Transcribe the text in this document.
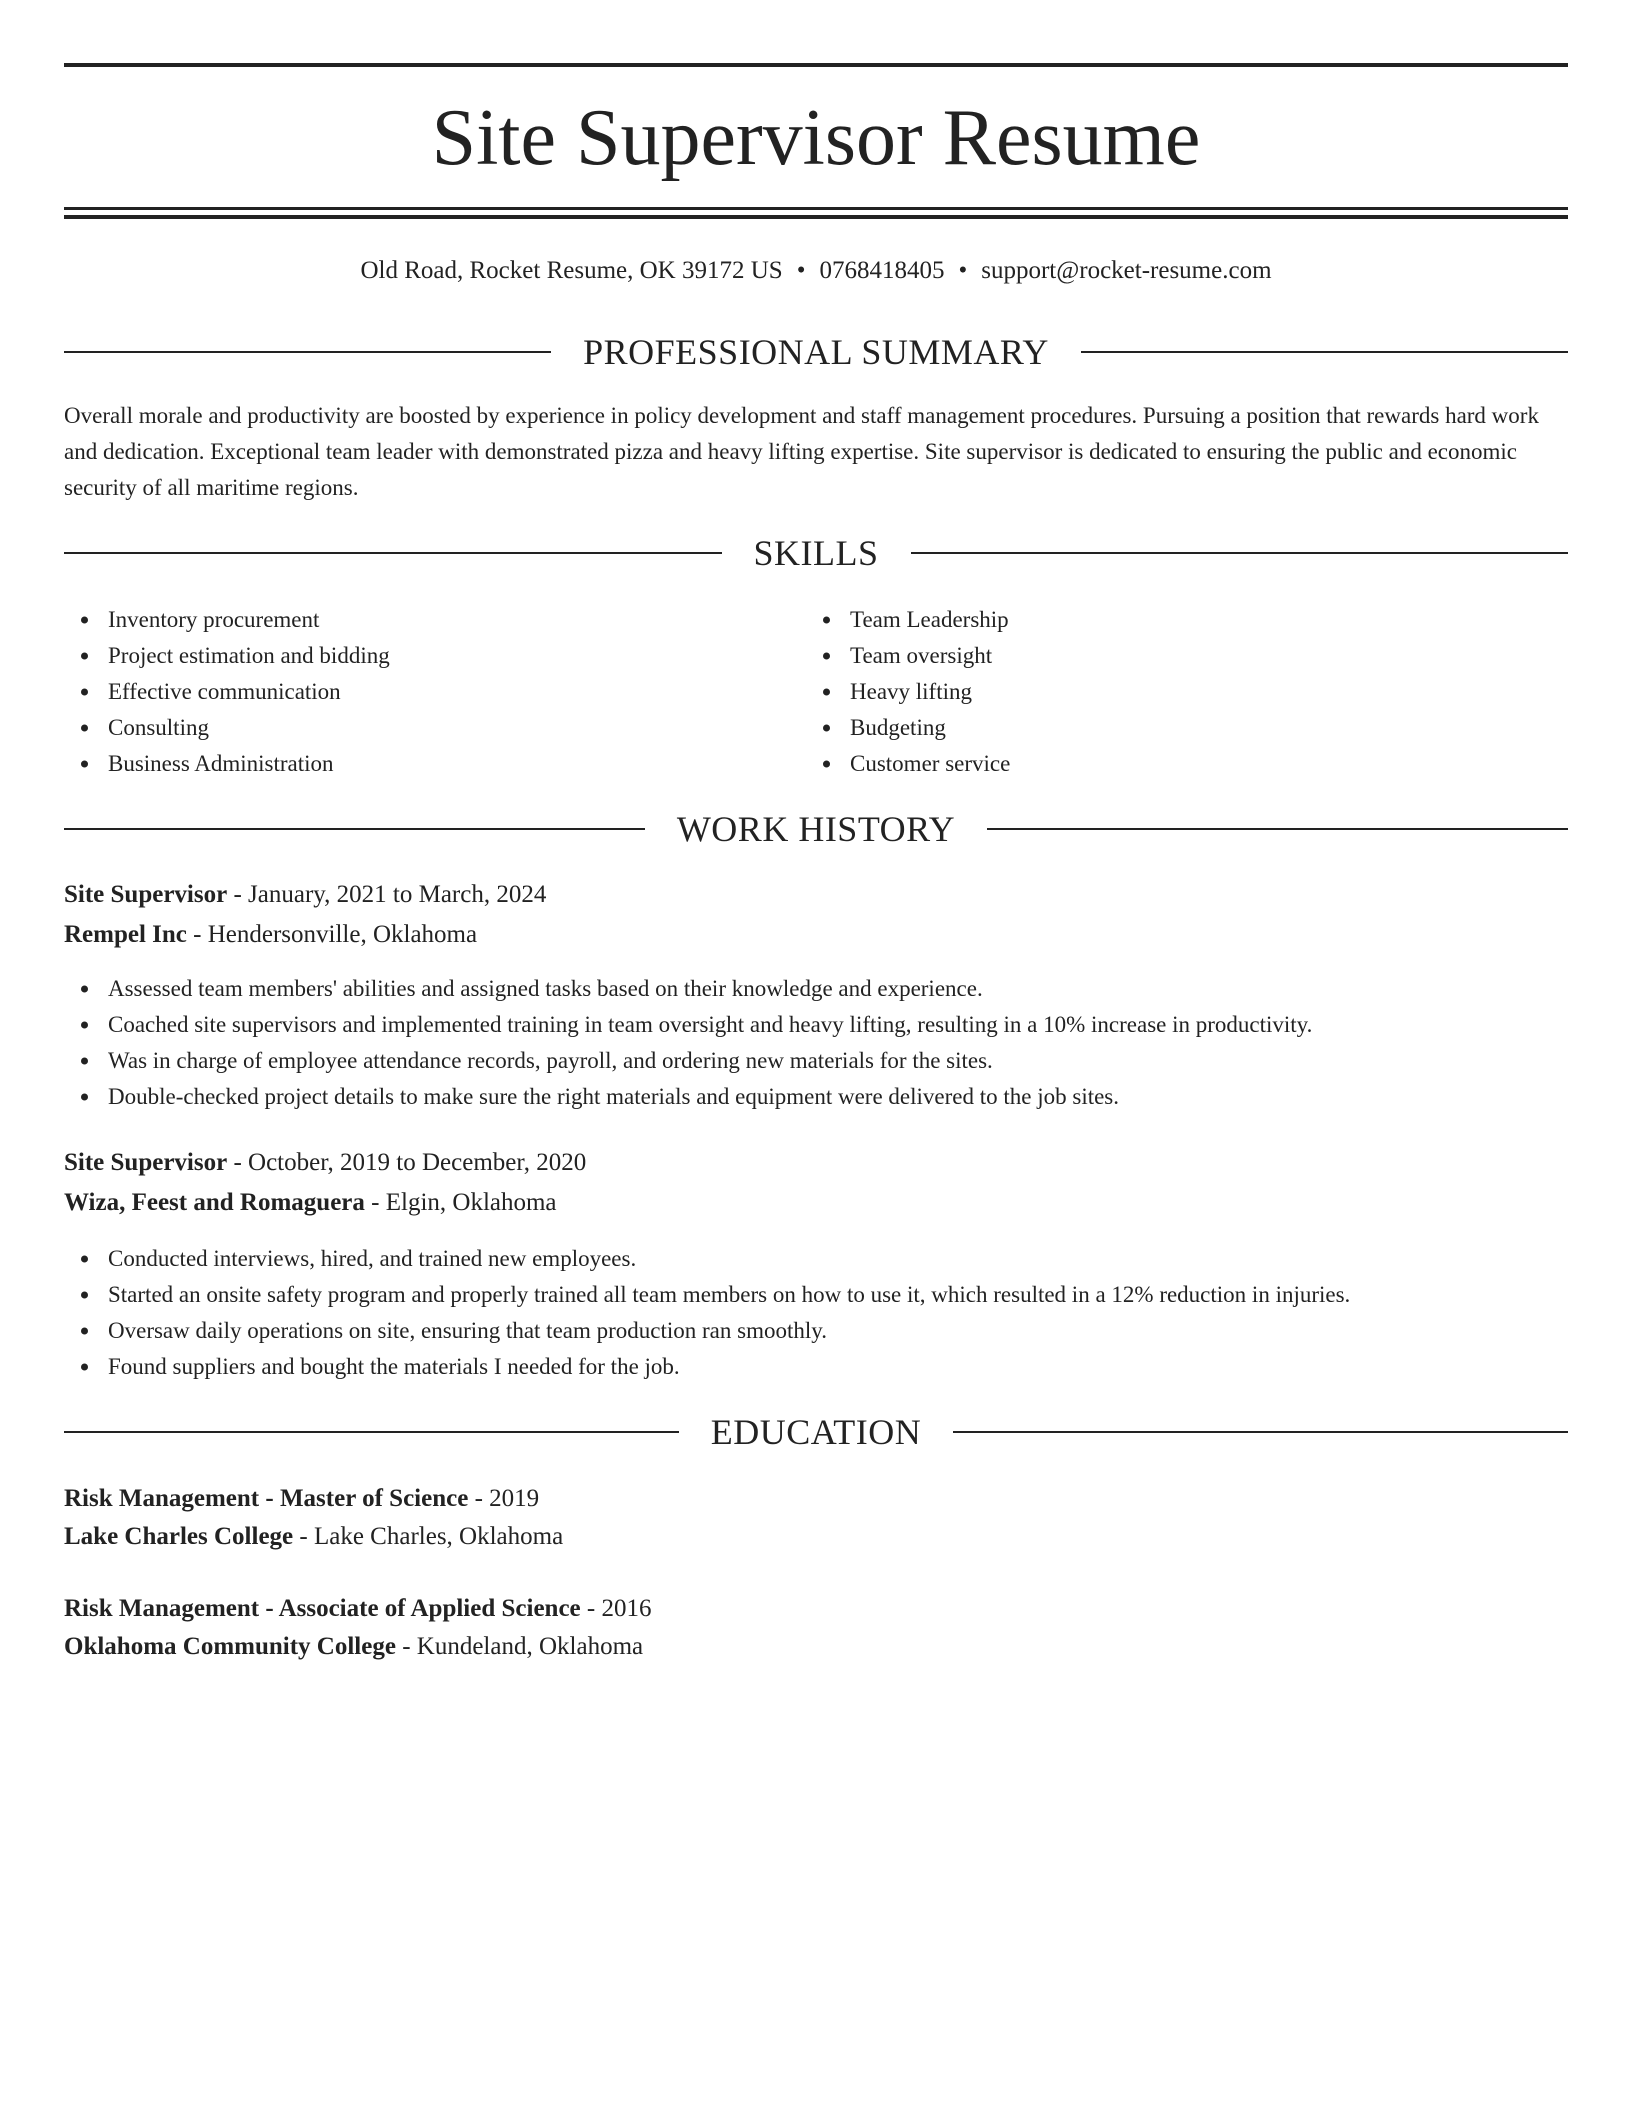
Site Supervisor Resume
Old Road, Rocket Resume, OK 39172 US • 0768418405 • support@rocket-resume.com
PROFESSIONAL SUMMARY

Overall morale and productivity are boosted by experience in policy development and staff management procedures. Pursuing a position that rewards hard work and dedication. Exceptional team leader with demonstrated pizza and heavy lifting expertise. Site supervisor is dedicated to ensuring the public and economic security of all maritime regions.

SKILLS
Inventory procurement
Project estimation and bidding
Effective communication
Consulting
Business Administration
Team Leadership
Team oversight
Heavy lifting
Budgeting
Customer service
WORK HISTORY
Site Supervisor - January, 2021 to March, 2024
Rempel Inc - Hendersonville, Oklahoma
Assessed team members' abilities and assigned tasks based on their knowledge and experience.
Coached site supervisors and implemented training in team oversight and heavy lifting, resulting in a 10% increase in productivity.
Was in charge of employee attendance records, payroll, and ordering new materials for the sites.
Double-checked project details to make sure the right materials and equipment were delivered to the job sites.
Site Supervisor - October, 2019 to December, 2020
Wiza, Feest and Romaguera - Elgin, Oklahoma
Conducted interviews, hired, and trained new employees.
Started an onsite safety program and properly trained all team members on how to use it, which resulted in a 12% reduction in injuries.
Oversaw daily operations on site, ensuring that team production ran smoothly.
Found suppliers and bought the materials I needed for the job.
EDUCATION
Risk Management - Master of Science - 2019
Lake Charles College - Lake Charles, Oklahoma
Risk Management - Associate of Applied Science - 2016
Oklahoma Community College - Kundeland, Oklahoma
